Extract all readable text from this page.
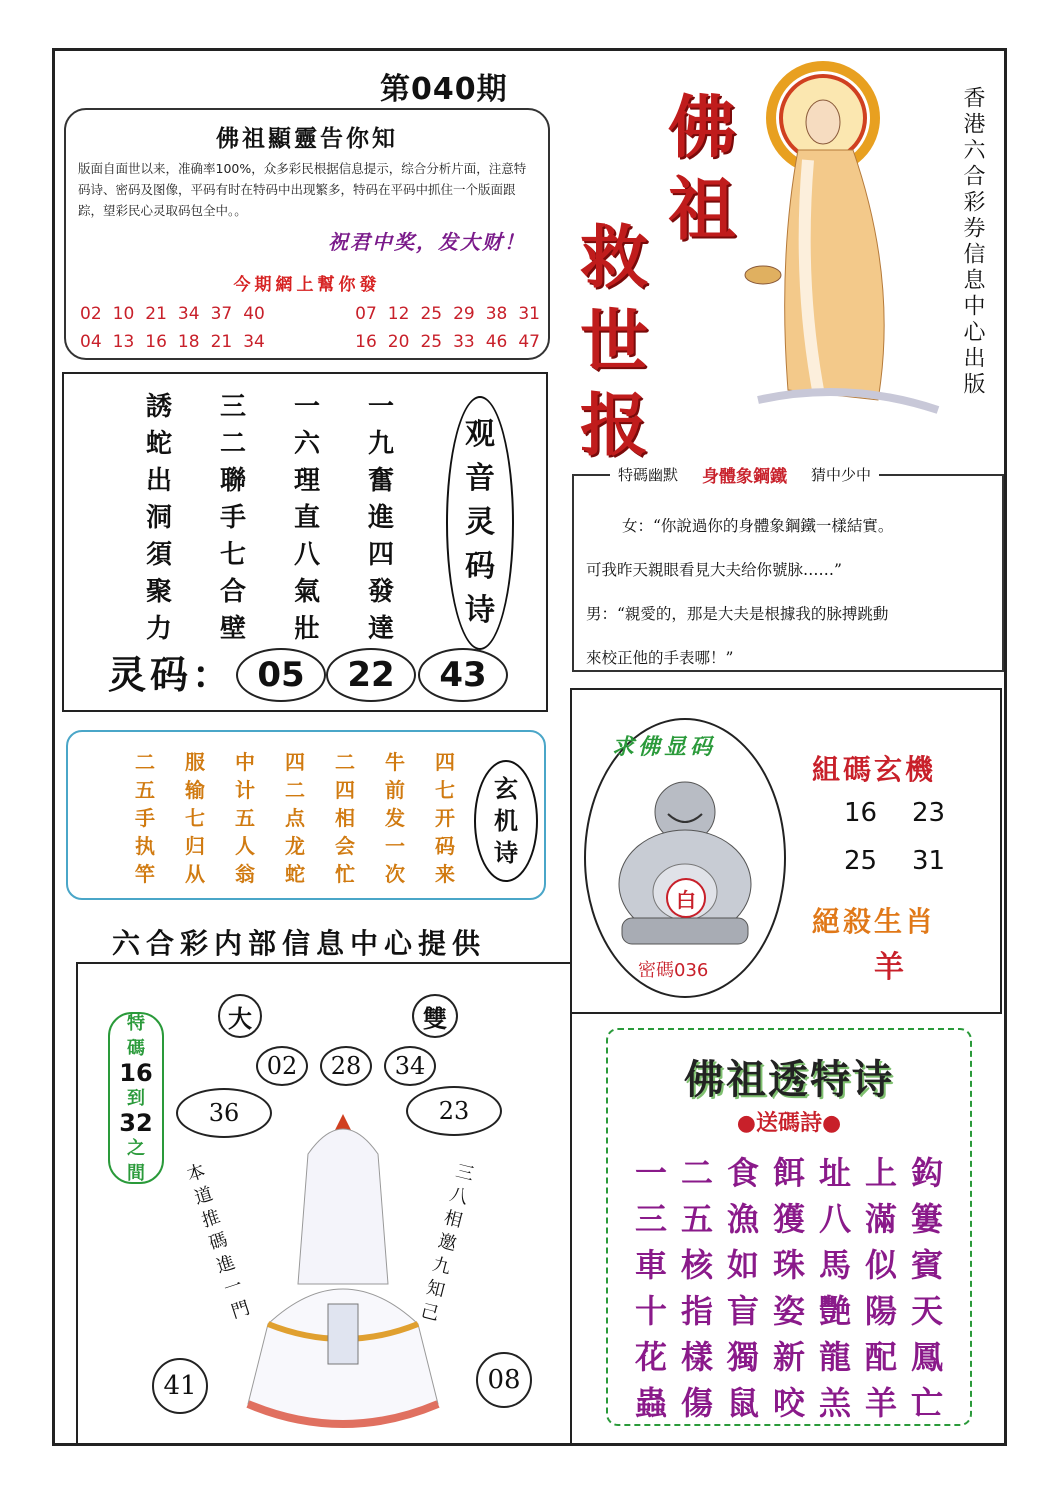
第040期
佛祖顯靈告你知
版面自面世以来，准确率100%，众多彩民根据信息提示，综合分析片面，注意特码诗、密码及图像，平码有时在特码中出现繁多，特码在平码中抓住一个版面跟踪，望彩民心灵取码包全中。。
祝君中奖，发大财！
今期網上幫你發
02 10 21 34 37 40	07 12 25 29 38 31
04 13 16 18 21 34	16 20 25 33 46 47
佛
祖
救
世
报
香港六合彩券信息中心出版
誘	三	一	一
蛇	二	六	九
出	聯	理	奮
洞	手	直	進
須	七	八	四
聚	合	氣	發
力	壁	壯	達
观
音
灵
码
诗
灵码： 05	22	43
特碼幽默 身體象鋼鐵 猜中少中
女：“你說過你的身體象鋼鐵一樣結實。
可我昨天親眼看見大夫给你號脉……”
男：“親愛的，那是大夫是根據我的脉搏跳動
來校正他的手表哪！”
求佛显码
白
密碼036
組碼玄機
16 23
25 31
絕殺生肖
羊
二	服	中	四	二	牛	四
五	输	计	二	四	前	七
手	七	五	点	相	发	开
执	归	人	龙	会	一	码
竿	从	翁	蛇	忙	次	来
玄
机
诗
六合彩内部信息中心提供
大	雙
02	28	34
36	23
特
碼
16
到
32
之
間 本道推碼進一門	三八相邀九知己
41	08
佛祖透特诗
●送碼詩●
一 二 食 餌 址 上 鈎
三 五 漁 獲 八 滿 簍
車 核 如 珠 馬 似 賓
十 指 盲 姿 艷 陽 天
花 樣 獨 新 龍 配 鳳
蟲 傷 鼠 咬 羔 羊 亡
